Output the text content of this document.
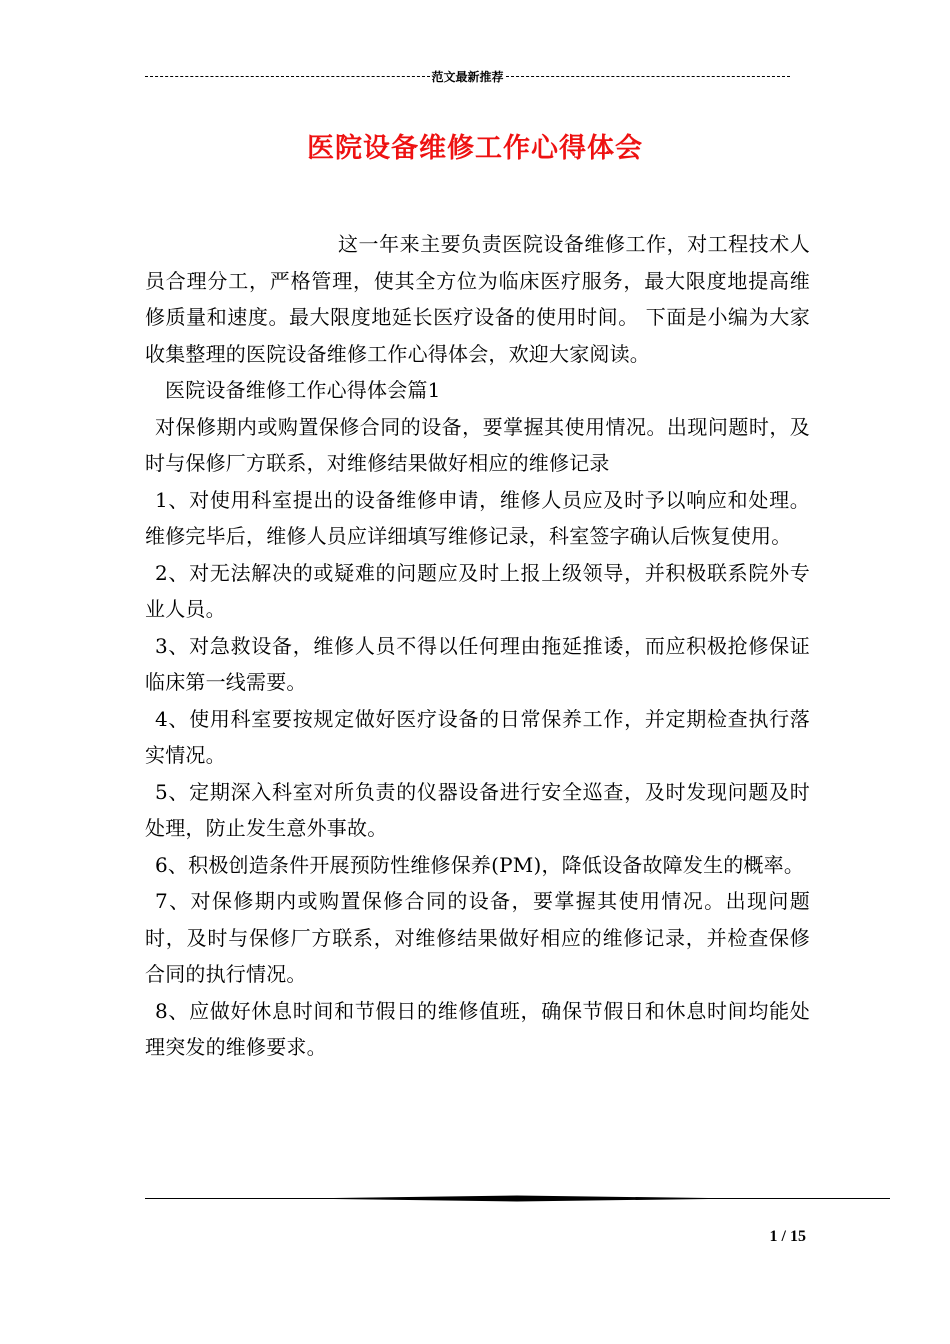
范文最新推荐
医院设备维修工作心得体会

这一年来主要负责医院设备维修工作，对工程技术人员合理分工，严格管理，使其全方位为临床医疗服务，最大限度地提高维修质量和速度。最大限度地延长医疗设备的使用时间。 下面是小编为大家收集整理的医院设备维修工作心得体会，欢迎大家阅读。

医院设备维修工作心得体会篇1

对保修期内或购置保修合同的设备，要掌握其使用情况。出现问题时，及时与保修厂方联系，对维修结果做好相应的维修记录

1、对使用科室提出的设备维修申请，维修人员应及时予以响应和处理。维修完毕后，维修人员应详细填写维修记录，科室签字确认后恢复使用。

2、对无法解决的或疑难的问题应及时上报上级领导，并积极联系院外专业人员。

3、对急救设备，维修人员不得以任何理由拖延推诿，而应积极抢修保证临床第一线需要。

4、使用科室要按规定做好医疗设备的日常保养工作，并定期检查执行落实情况。

5、定期深入科室对所负责的仪器设备进行安全巡查，及时发现问题及时处理，防止发生意外事故。

6、积极创造条件开展预防性维修保养(PM)，降低设备故障发生的概率。

7、对保修期内或购置保修合同的设备，要掌握其使用情况。出现问题时，及时与保修厂方联系，对维修结果做好相应的维修记录，并检查保修合同的执行情况。

8、应做好休息时间和节假日的维修值班，确保节假日和休息时间均能处理突发的维修要求。

1 / 15
